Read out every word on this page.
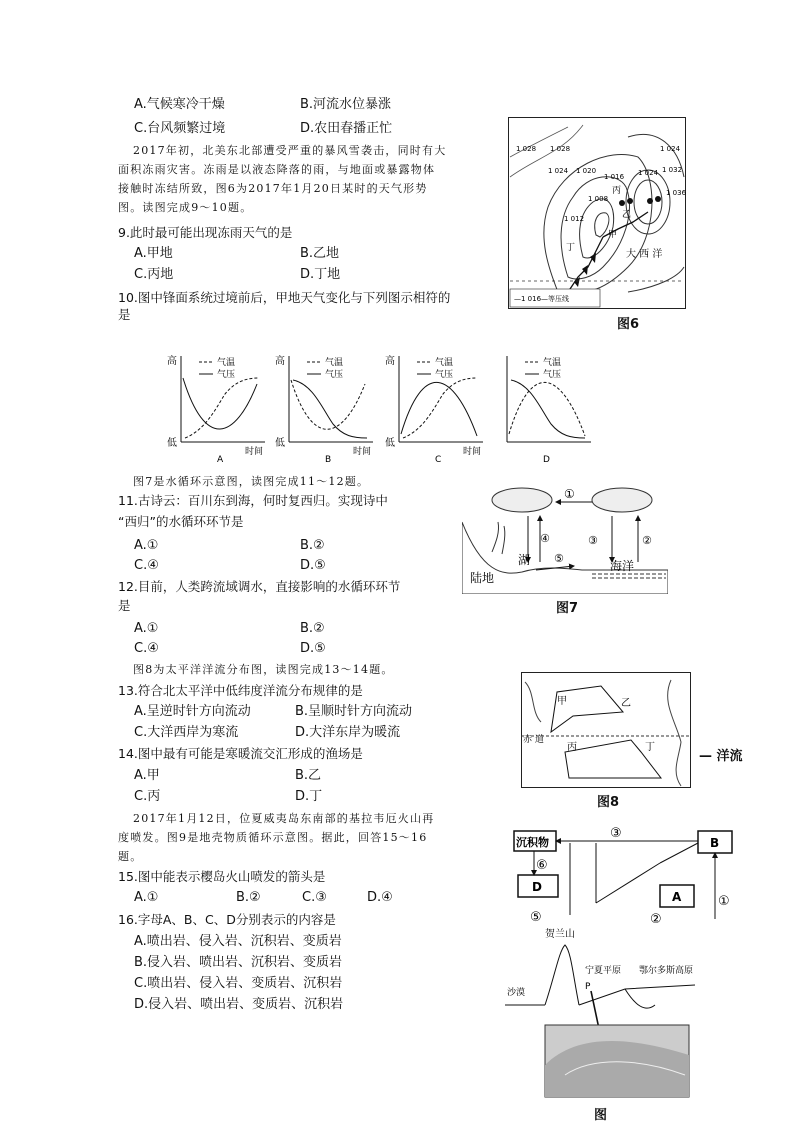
A.气候寒冷干燥	B.河流水位暴涨
C.台风频繁过境	D.农田春播正忙
2017年初，北美东北部遭受严重的暴风雪袭击，同时有大
面积冻雨灾害。冻雨是以液态降落的雨，与地面或暴露物体
接触时冻结所致，图6为2017年1月20日某时的天气形势
图。读图完成9～10题。
9.此时最可能出现冻雨天气的是
A.甲地	B.乙地
C.丙地	D.丁地
10.图中锋面系统过境前后，甲地天气变化与下列图示相符的
是
1 028	1 024
1 028
1 020
1 024
1 016
1 012
1 008
1 024 1 032
1 036
丙
乙
甲
丁
大 西 洋
—1 016—等压线
图6
高
低
气温
气压
时间
A
高
低
气温
气压
时间
B
高
低
气温
气压
时间
C
气温
气压
D
图7是水循环示意图，读图完成11～12题。
11.古诗云：百川东到海，何时复西归。实现诗中
“西归”的水循环环节是
A.①	B.②
C.④	D.⑤
12.目前，人类跨流域调水，直接影响的水循环环节
是
A.①	B.②
C.④	D.⑤
①
④
⑤
③	②
湖
陆地
海洋
图7
图8为太平洋洋流分布图，读图完成13～14题。
13.符合北太平洋中低纬度洋流分布规律的是
A.呈逆时针方向流动	B.呈顺时针方向流动
C.大洋西岸为寒流	D.大洋东岸为暖流
14.图中最有可能是寒暖流交汇形成的渔场是
A.甲	B.乙
C.丙	D.丁
甲	乙
丙	丁
赤 道
— 洋流
图8
2017年1月12日，位夏威夷岛东南部的基拉韦厄火山再
度喷发。图9是地壳物质循环示意图。据此，回答15～16
题。
15.图中能表示樱岛火山喷发的箭头是
A.①	B.②	C.③	D.④
16.字母A、B、C、D分别表示的内容是
A.喷出岩、侵入岩、沉积岩、变质岩
B.侵入岩、喷出岩、沉积岩、变质岩
C.喷出岩、侵入岩、变质岩、沉积岩
D.侵入岩、喷出岩、变质岩、沉积岩
沉积物	B
D
A
③
⑥
①
⑤	②
贺兰山
宁夏平原 鄂尔多斯高原
沙漠
P
图
